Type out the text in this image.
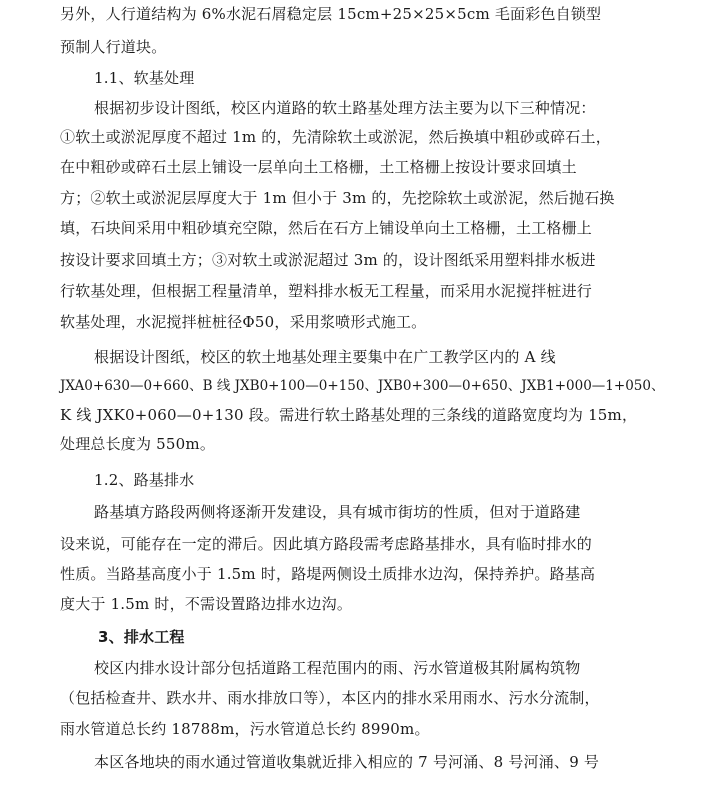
另外，人行道结构为 6%水泥石屑稳定层 15cm+25×25×5cm 毛面彩色自锁型
预制人行道块。
1.1、软基处理
根据初步设计图纸，校区内道路的软土路基处理方法主要为以下三种情况：
①软土或淤泥厚度不超过 1m 的，先清除软土或淤泥，然后换填中粗砂或碎石土，
在中粗砂或碎石土层上铺设一层单向土工格栅，土工格栅上按设计要求回填土
方；②软土或淤泥层厚度大于 1m 但小于 3m 的，先挖除软土或淤泥，然后抛石换
填，石块间采用中粗砂填充空隙，然后在石方上铺设单向土工格栅，土工格栅上
按设计要求回填土方；③对软土或淤泥超过 3m 的，设计图纸采用塑料排水板进
行软基处理，但根据工程量清单，塑料排水板无工程量，而采用水泥搅拌桩进行
软基处理，水泥搅拌桩桩径Φ50，采用浆喷形式施工。
根据设计图纸，校区的软土地基处理主要集中在广工教学区内的 A 线
JXA0+630—0+660、B 线 JXB0+100—0+150、JXB0+300—0+650、JXB1+000—1+050、
K 线 JXK0+060—0+130 段。需进行软土路基处理的三条线的道路宽度均为 15m，
处理总长度为 550m。
1.2、路基排水
路基填方路段两侧将逐渐开发建设，具有城市街坊的性质，但对于道路建
设来说，可能存在一定的滞后。因此填方路段需考虑路基排水，具有临时排水的
性质。当路基高度小于 1.5m 时，路堤两侧设土质排水边沟，保持养护。路基高
度大于 1.5m 时，不需设置路边排水边沟。
3、排水工程
校区内排水设计部分包括道路工程范围内的雨、污水管道极其附属构筑物
（包括检查井、跌水井、雨水排放口等），本区内的排水采用雨水、污水分流制，
雨水管道总长约 18788m，污水管道总长约 8990m。
本区各地块的雨水通过管道收集就近排入相应的 7 号河涌、8 号河涌、9 号
